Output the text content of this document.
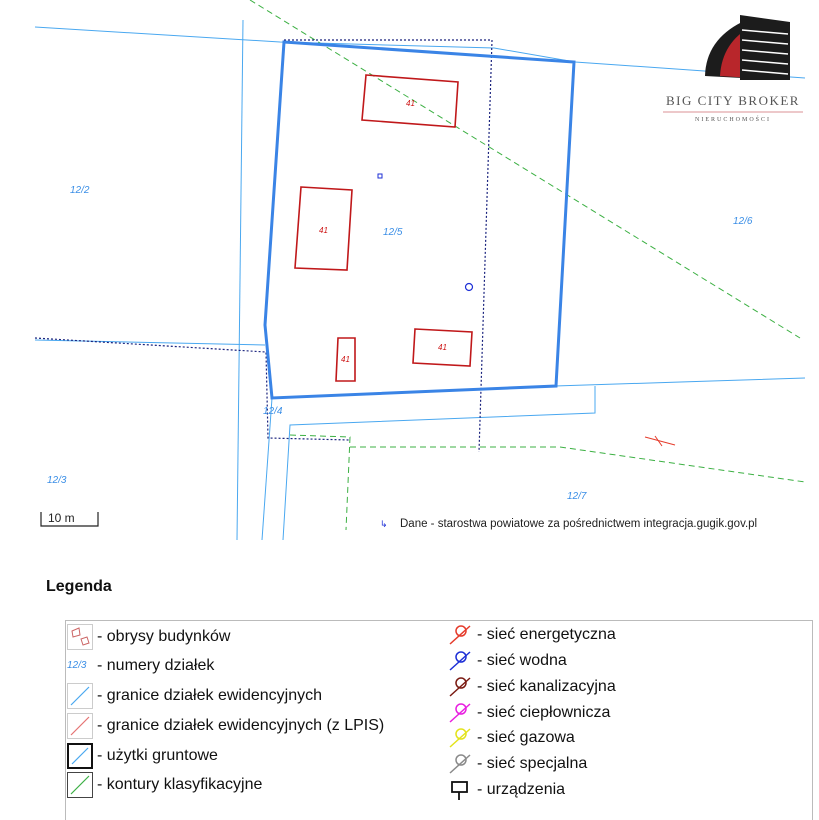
41
41
41
41
12/2
12/5
12/6
12/4
12/3
12/7
BIG CITY BROKER
NIERUCHOMOŚCI
10 m	↳ Dane - starostwa powiatowe za pośrednictwem integracja.gugik.gov.pl
Legenda
- obrysy budynków
12/3 - numery działek
- granice działek ewidencyjnych
- granice działek ewidencyjnych (z LPIS)
- użytki gruntowe
- kontury klasyfikacyjne
- sieć energetyczna
- sieć wodna
- sieć kanalizacyjna
- sieć ciepłownicza
- sieć gazowa
- sieć specjalna
- urządzenia
